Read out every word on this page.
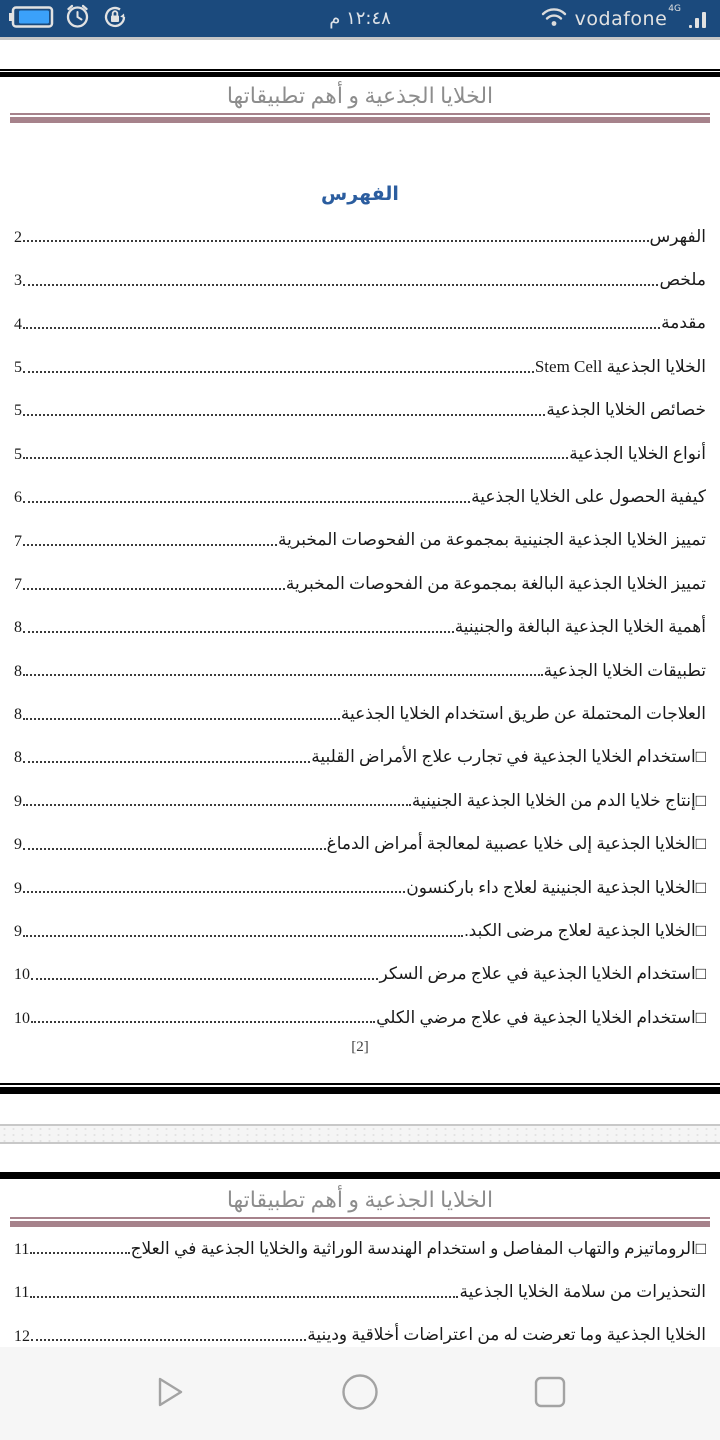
١٢:٤٨ م	vodafone$^{4G}$
الخلايا الجذعية و أهم تطبيقاتها
الفهرس
الفهرس
2
ملخص
3
مقدمة
4
الخلايا الجذعية Stem Cell
5
خصائص الخلايا الجذعية
5
أنواع الخلايا الجذعية
5
كيفية الحصول على الخلايا الجذعية
6
تمييز الخلايا الجذعية الجنينية بمجموعة من الفحوصات المخبرية
7
تمييز الخلايا الجذعية البالغة بمجموعة من الفحوصات المخبرية
7
أهمية الخلايا الجذعية البالغة والجنينية
8
تطبيقات الخلايا الجذعية
8
العلاجات المحتملة عن طريق استخدام الخلايا الجذعية
8
□استخدام الخلايا الجذعية في تجارب علاج الأمراض القلبية
8
□إنتاج خلايا الدم من الخلايا الجذعية الجنينية
9
□الخلايا الجذعية إلى خلايا عصبية لمعالجة أمراض الدماغ
9
□الخلايا الجذعية الجنينية لعلاج داء باركنسون
9
□الخلايا الجذعية لعلاج مرضى الكبد.
9
□استخدام الخلايا الجذعية في علاج مرض السكر
10
□استخدام الخلايا الجذعية في علاج مرضي الكلي
10
[2]
الخلايا الجذعية و أهم تطبيقاتها
□الروماتيزم والتهاب المفاصل و استخدام الهندسة الوراثية والخلايا الجذعية في العلاج
11
التحذيرات من سلامة الخلايا الجذعية
11
الخلايا الجذعية وما تعرضت له من اعتراضات أخلاقية ودينية
12
